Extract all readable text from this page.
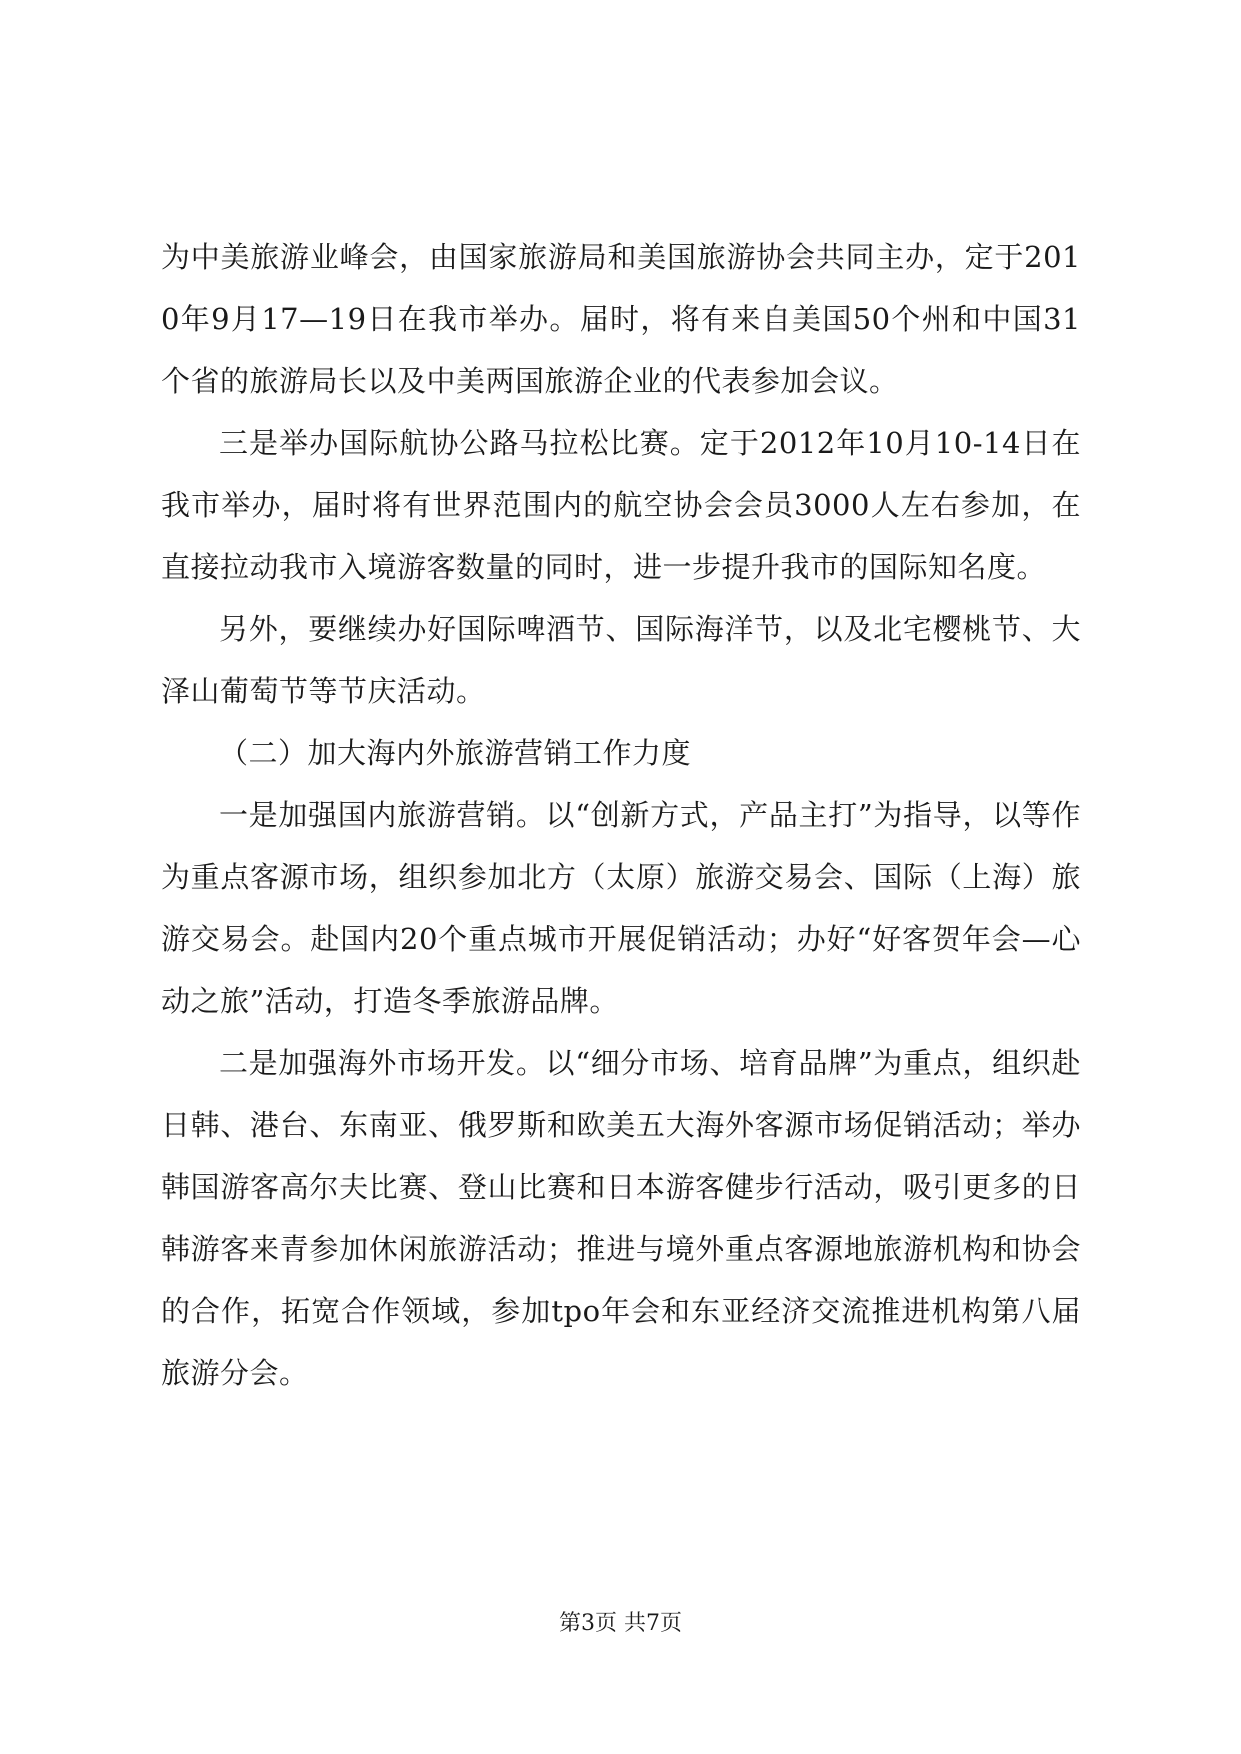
为中美旅游业峰会，由国家旅游局和美国旅游协会共同主办，定于2010年9月17—19日在我市举办。届时，将有来自美国50个州和中国31个省的旅游局长以及中美两国旅游企业的代表参加会议。

三是举办国际航协公路马拉松比赛。定于2012年10月10-14日在我市举办，届时将有世界范围内的航空协会会员3000人左右参加，在直接拉动我市入境游客数量的同时，进一步提升我市的国际知名度。

另外，要继续办好国际啤酒节、国际海洋节，以及北宅樱桃节、大泽山葡萄节等节庆活动。

（二）加大海内外旅游营销工作力度

一是加强国内旅游营销。以“创新方式，产品主打”为指导，以等作为重点客源市场，组织参加北方（太原）旅游交易会、国际（上海）旅游交易会。赴国内20个重点城市开展促销活动；办好“好客贺年会—心动之旅”活动，打造冬季旅游品牌。

二是加强海外市场开发。以“细分市场、培育品牌”为重点，组织赴日韩、港台、东南亚、俄罗斯和欧美五大海外客源市场促销活动；举办韩国游客高尔夫比赛、登山比赛和日本游客健步行活动，吸引更多的日韩游客来青参加休闲旅游活动；推进与境外重点客源地旅游机构和协会的合作，拓宽合作领域，参加tpo年会和东亚经济交流推进机构第八届旅游分会。

第3页 共7页
